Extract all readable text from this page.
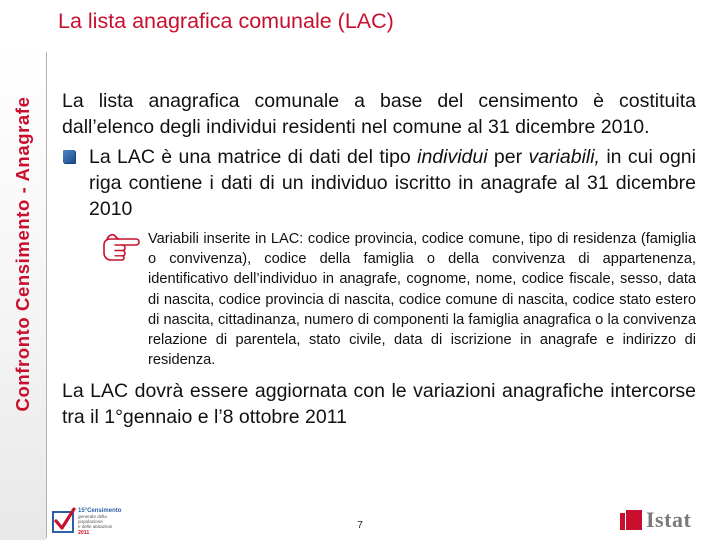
Confronto Censimento - Anagrafe
La lista anagrafica comunale (LAC)

La lista anagrafica comunale a base del censimento è costituita dall’elenco degli individui residenti nel comune al 31 dicembre 2010.

La LAC è una matrice di dati del tipo individui per variabili, in cui ogni riga contiene i dati di un individuo iscritto in anagrafe al 31 dicembre 2010

Variabili inserite in LAC: codice provincia, codice comune, tipo di residenza (famiglia o convivenza), codice della famiglia o della convivenza di appartenenza, identificativo dell’individuo in anagrafe, cognome, nome, codice fiscale, sesso, data di nascita, codice provincia di nascita, codice comune di nascita, codice stato estero di nascita, cittadinanza, numero di componenti la famiglia anagrafica o la convivenza relazione di parentela, stato civile, data di iscrizione in anagrafe e indirizzo di residenza.

La LAC dovrà essere aggiornata con le variazioni anagrafiche intercorse tra il 1°gennaio e l’8 ottobre 2011

15°Censimento
generale della
popolazione
e delle abitazioni
2011
7	Istat
